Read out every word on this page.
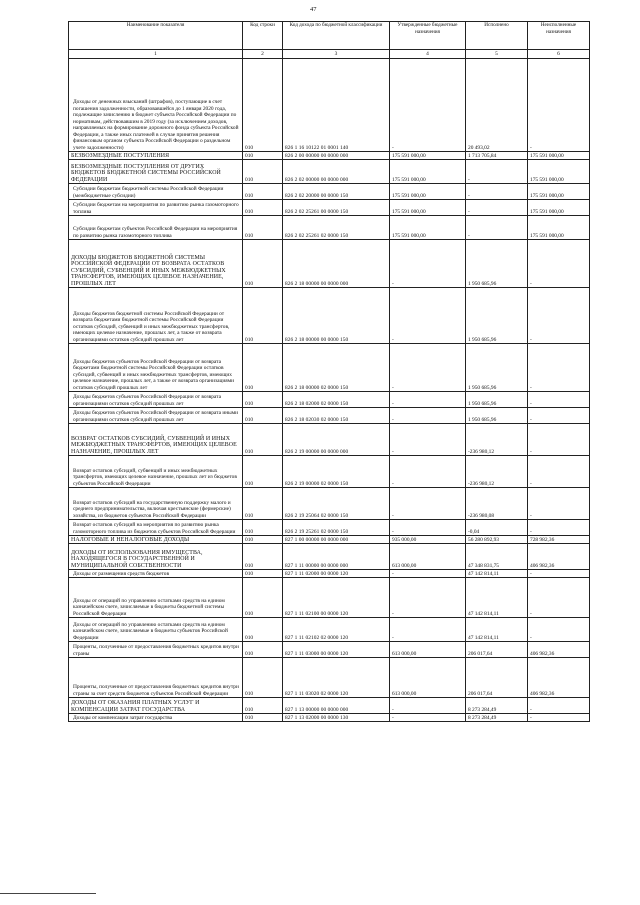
47
Наименование показателя	Код строки	Код дохода по бюджетной классификации	Утвержденные бюджетные назначения	Исполнено	Неисполненные назначения
1	2	3	4	5	6
Доходы от денежных взысканий (штрафов), поступающие в счет погашения задолженности, образовавшейся до 1 января 2020 года, подлежащие зачислению в бюджет субъекта Российской Федерации по нормативам, действовавшим в 2019 году (за исключением доходов, направляемых на формирование дорожного фонда субъекта Российской Федерации, а также иных платежей в случае принятия решения финансовым органом субъекта Российской Федерации о раздельном учете задолженности)	010	826 1 16 10122 01 0001 140	-	20 493,02	-
БЕЗВОЗМЕЗДНЫЕ ПОСТУПЛЕНИЯ	010	826 2 00 00000 00 0000 000	175 591 000,00	1 713 705,84	175 591 000,00
БЕЗВОЗМЕЗДНЫЕ ПОСТУПЛЕНИЯ ОТ ДРУГИХ БЮДЖЕТОВ БЮДЖЕТНОЙ СИСТЕМЫ РОССИЙСКОЙ ФЕДЕРАЦИИ	010	826 2 02 00000 00 0000 000	175 591 000,00	-	175 591 000,00
Субсидии бюджетам бюджетной системы Российской Федерации (межбюджетные субсидии)	010	826 2 02 20000 00 0000 150	175 591 000,00	-	175 591 000,00
Субсидии бюджетам на мероприятия по развитию рынка газомоторного топлива	010	826 2 02 25261 00 0000 150	175 591 000,00	-	175 591 000,00
Субсидии бюджетам субъектов Российской Федерации на мероприятия по развитию рынка газомоторного топлива	010	826 2 02 25261 02 0000 150	175 591 000,00	-	175 591 000,00
ДОХОДЫ БЮДЖЕТОВ БЮДЖЕТНОЙ СИСТЕМЫ РОССИЙСКОЙ ФЕДЕРАЦИИ ОТ ВОЗВРАТА ОСТАТКОВ СУБСИДИЙ, СУБВЕНЦИЙ И ИНЫХ МЕЖБЮДЖЕТНЫХ ТРАНСФЕРТОВ, ИМЕЮЩИХ ЦЕЛЕВОЕ НАЗНАЧЕНИЕ, ПРОШЛЫХ ЛЕТ	010	826 2 18 00000 00 0000 000	-	1 950 685,96	-
Доходы бюджетов бюджетной системы Российской Федерации от возврата бюджетами бюджетной системы Российской Федерации остатков субсидий, субвенций и иных межбюджетных трансфертов, имеющих целевое назначение, прошлых лет, а также от возврата организациями остатков субсидий прошлых лет	010	826 2 18 00000 00 0000 150	-	1 950 685,96	-
Доходы бюджетов субъектов Российской Федерации от возврата бюджетами бюджетной системы Российской Федерации остатков субсидий, субвенций и иных межбюджетных трансфертов, имеющих целевое назначение, прошлых лет, а также от возврата организациями остатков субсидий прошлых лет	010	826 2 18 00000 02 0000 150	-	1 950 685,96	-
Доходы бюджетов субъектов Российской Федерации от возврата организациями остатков субсидий прошлых лет	010	826 2 18 02000 02 0000 150	-	1 950 685,96	-
Доходы бюджетов субъектов Российской Федерации от возврата иными организациями остатков субсидий прошлых лет	010	826 2 18 02030 02 0000 150	-	1 950 685,96	-
ВОЗВРАТ ОСТАТКОВ СУБСИДИЙ, СУБВЕНЦИЙ И ИНЫХ МЕЖБЮДЖЕТНЫХ ТРАНСФЕРТОВ, ИМЕЮЩИХ ЦЕЛЕВОЕ НАЗНАЧЕНИЕ, ПРОШЛЫХ ЛЕТ	010	826 2 19 00000 00 0000 000	-	-236 980,12	-
Возврат остатков субсидий, субвенций и иных межбюджетных трансфертов, имеющих целевое назначение, прошлых лет из бюджетов субъектов Российской Федерации	010	826 2 19 00000 02 0000 150	-	-236 980,12	-
Возврат остатков субсидий на государственную поддержку малого и среднего предпринимательства, включая крестьянские (фермерские) хозяйства, из бюджетов субъектов Российской Федерации	010	826 2 19 25064 02 0000 150	-	-236 980,08	-
Возврат остатков субсидий на мероприятия по развитию рынка газомоторного топлива из бюджетов субъектов Российской Федерации	010	826 2 19 25261 02 0000 150	-	-0,04	-
НАЛОГОВЫЕ И НЕНАЛОГОВЫЕ ДОХОДЫ	010	827 1 00 00000 00 0000 000	935 000,00	56 280 892,93	728 982,36
ДОХОДЫ ОТ ИСПОЛЬЗОВАНИЯ ИМУЩЕСТВА, НАХОДЯЩЕГОСЯ В ГОСУДАРСТВЕННОЙ И МУНИЦИПАЛЬНОЙ СОБСТВЕННОСТИ	010	827 1 11 00000 00 0000 000	613 000,00	47 348 831,75	406 982,36
Доходы от размещения средств бюджетов	010	827 1 11 02000 00 0000 120	-	47 142 814,11	-
Доходы от операций по управлению остатками средств на едином казначейском счете, зачисляемые в бюджеты бюджетной системы Российской Федерации	010	827 1 11 02100 00 0000 120	-	47 142 814,11	-
Доходы от операций по управлению остатками средств на едином казначейском счете, зачисляемые в бюджеты субъектов Российской Федерации	010	827 1 11 02102 02 0000 120	-	47 142 814,11	-
Проценты, полученные от предоставления бюджетных кредитов внутри страны	010	827 1 11 03000 00 0000 120	613 000,00	206 017,64	406 982,36
Проценты, полученные от предоставления бюджетных кредитов внутри страны за счет средств бюджетов субъектов Российской Федерации	010	827 1 11 03020 02 0000 120	613 000,00	206 017,64	406 982,36
ДОХОДЫ ОТ ОКАЗАНИЯ ПЛАТНЫХ УСЛУГ И КОМПЕНСАЦИИ ЗАТРАТ ГОСУДАРСТВА	010	827 1 13 00000 00 0000 000	-	8 273 284,49	-
Доходы от компенсации затрат государства	010	827 1 13 02000 00 0000 130	-	8 273 284,49	-
